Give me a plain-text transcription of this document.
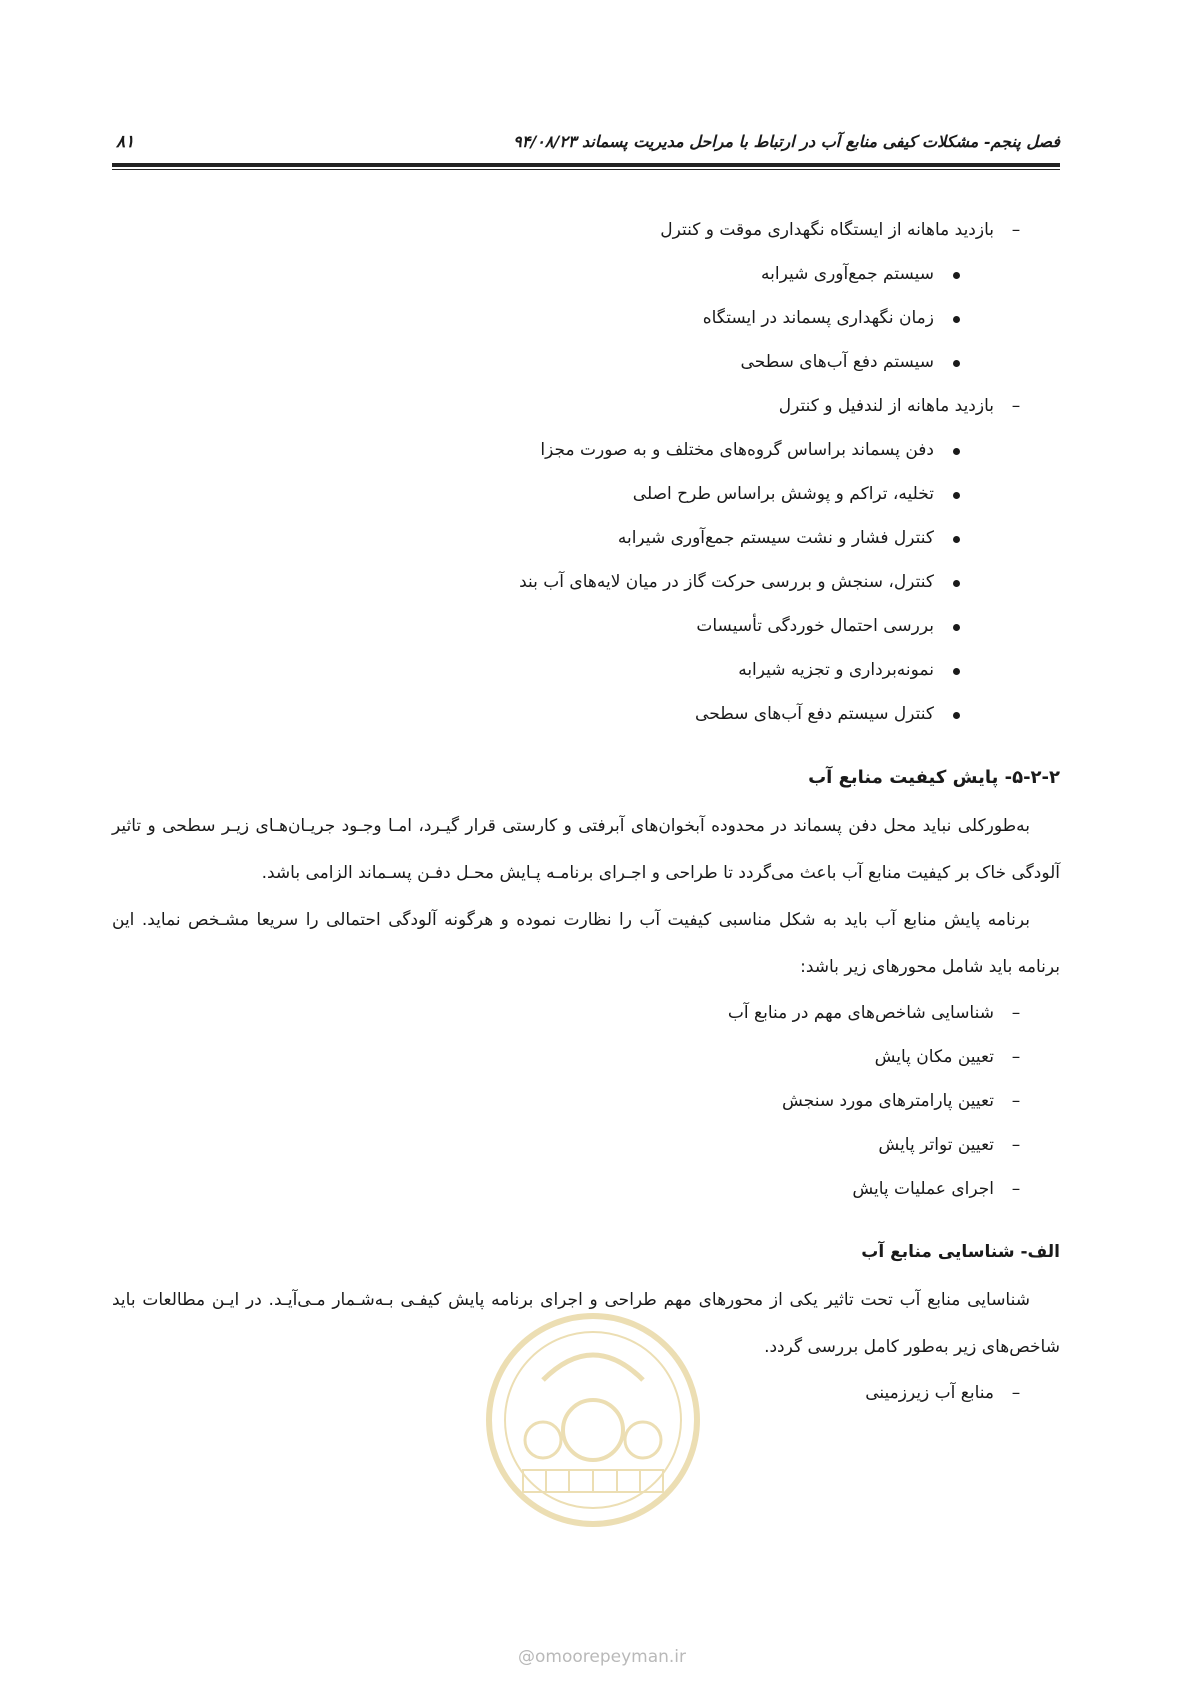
فصل پنجم- مشکلات کیفی منابع آب در ارتباط با مراحل مدیریت پسماند ۹۴/۰۸/۲۳
۸۱
–
بازدید ماهانه از ایستگاه نگهداری موقت و کنترل
سیستم جمع‌آوری شیرابه
زمان نگهداری پسماند در ایستگاه
سیستم دفع آب‌های سطحی
–
بازدید ماهانه از لندفیل و کنترل
دفن پسماند براساس گروه‌های مختلف و به صورت مجزا
تخلیه، تراکم و پوشش براساس طرح اصلی
کنترل فشار و نشت سیستم جمع‌آوری شیرابه
کنترل، سنجش و بررسی حرکت گاز در میان لایه‌های آب بند
بررسی احتمال خوردگی تأسیسات
نمونه‌برداری و تجزیه شیرابه
کنترل سیستم دفع آب‌های سطحی
۵-۲-۲- پایش کیفیت منابع آب
به‌طورکلی نباید محل دفن پسماند در محدوده آبخوان‌های آبرفتی و کارستی قرار گیـرد، امـا وجـود جریـان‌هـای زیـر سطحی و تاثیر آلودگی خاک بر کیفیت منابع آب باعث می‌گردد تا طراحی و اجـرای برنامـه پـایش محـل دفـن پسـماند الزامی باشد.
برنامه پایش منابع آب باید به شکل مناسبی کیفیت آب را نظارت نموده و هرگونه آلودگی احتمالی را سریعا مشـخص نماید. این برنامه باید شامل محورهای زیر باشد:
–
شناسایی شاخص‌های مهم در منابع آب
–
تعیین مکان پایش
–
تعیین پارامترهای مورد سنجش
–
تعیین تواتر پایش
–
اجرای عملیات پایش
الف- شناسایی منابع آب
شناسایی منابع آب تحت تاثیر یکی از محورهای مهم طراحی و اجرای برنامه پایش کیفـی بـه‌شـمار مـی‌آیـد. در ایـن مطالعات باید شاخص‌های زیر به‌طور کامل بررسی گردد.
–
منابع آب زیرزمینی
@omoorepeyman.ir
